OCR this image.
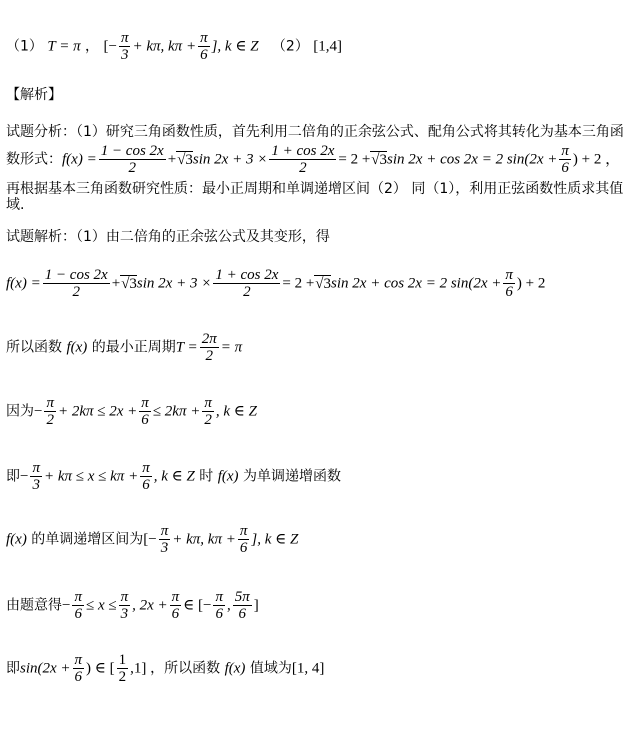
（1） T = π ， [− $\frac{\pi}{3} + k\pi$, $k\pi + \frac{\pi}{6}$ ], k ∈ Z （2） [1,4]
【解析】
试题分析：（1）研究三角函数性质，首先利用二倍角的正余弦公式、配角公式将其转化为基本三角函
数形式：$f(x) = \frac{1 - \cos 2x}{2} +√3\sin$ $2x + 3 \times \frac{1 + \cos 2x}{2} = 2 +√3\sin$ 2x + cos 2x = 2 $\sin(2x + \frac{\pi}{6}$ ) + 2 ，
再根据基本三角函数研究性质：最小正周期和单调递增区间（2） 同（1），利用正弦函数性质求其值
域.
试题解析：（1）由二倍角的正余弦公式及其变形，得
$f(x) = \frac{1 - \cos 2x}{2} +√3\sin$ $2x + 3 \times \frac{1 + \cos 2x}{2} = 2 +√3\sin$ 2x + cos 2x = 2 $\sin(2x + \frac{\pi}{6}$ ) + 2
所以函数 f(x) 的最小正周期$T = \frac{2\pi}{2} = \pi$
因为− $\frac{\pi}{2} + 2k\pi \le 2x + \frac{\pi}{6} \le 2k\pi + \frac{\pi}{2}$ , k ∈ Z
即− $\frac{\pi}{3} + k\pi \le x \le k\pi + \frac{\pi}{6}$ , k ∈ Z 时 f(x) 为单调递增函数
f(x) 的单调递增区间为[− $\frac{\pi}{3} + k\pi$, $k\pi + \frac{\pi}{6}$ ], k ∈ Z
由题意得− $\frac{\pi}{6} \le x \le \frac{\pi}{3}$ , $2x + \frac{\pi}{6}$ ∈ [− $\frac{\pi}{6}$ , $\frac{5\pi}{6}$ ]
即$\sin(2x + \frac{\pi}{6}$ ) ∈ [ $\frac{1}{2} ,1$] ，所以函数 f(x) 值域为[1, 4]
